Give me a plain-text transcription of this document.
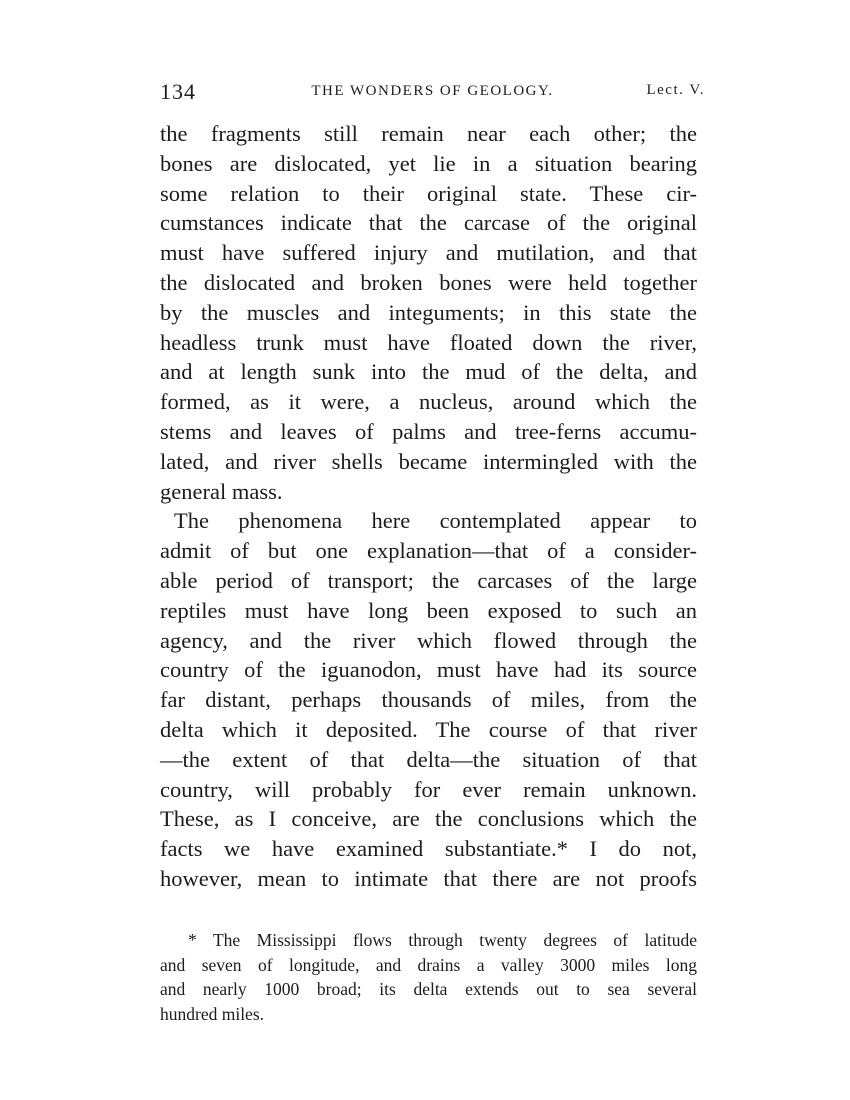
134	THE WONDERS OF GEOLOGY.	Lect. V.
the fragments still remain near each other; the
bones are dislocated, yet lie in a situation bearing
some relation to their original state. These cir-
cumstances indicate that the carcase of the original
must have suffered injury and mutilation, and that
the dislocated and broken bones were held together
by the muscles and integuments; in this state the
headless trunk must have floated down the river,
and at length sunk into the mud of the delta, and
formed, as it were, a nucleus, around which the
stems and leaves of palms and tree-ferns accumu-
lated, and river shells became intermingled with the
general mass.
The phenomena here contemplated appear to
admit of but one explanation—that of a consider-
able period of transport; the carcases of the large
reptiles must have long been exposed to such an
agency, and the river which flowed through the
country of the iguanodon, must have had its source
far distant, perhaps thousands of miles, from the
delta which it deposited. The course of that river
—the extent of that delta—the situation of that
country, will probably for ever remain unknown.
These, as I conceive, are the conclusions which the
facts we have examined substantiate.* I do not,
however, mean to intimate that there are not proofs
* The Mississippi flows through twenty degrees of latitude
and seven of longitude, and drains a valley 3000 miles long
and nearly 1000 broad; its delta extends out to sea several
hundred miles.
